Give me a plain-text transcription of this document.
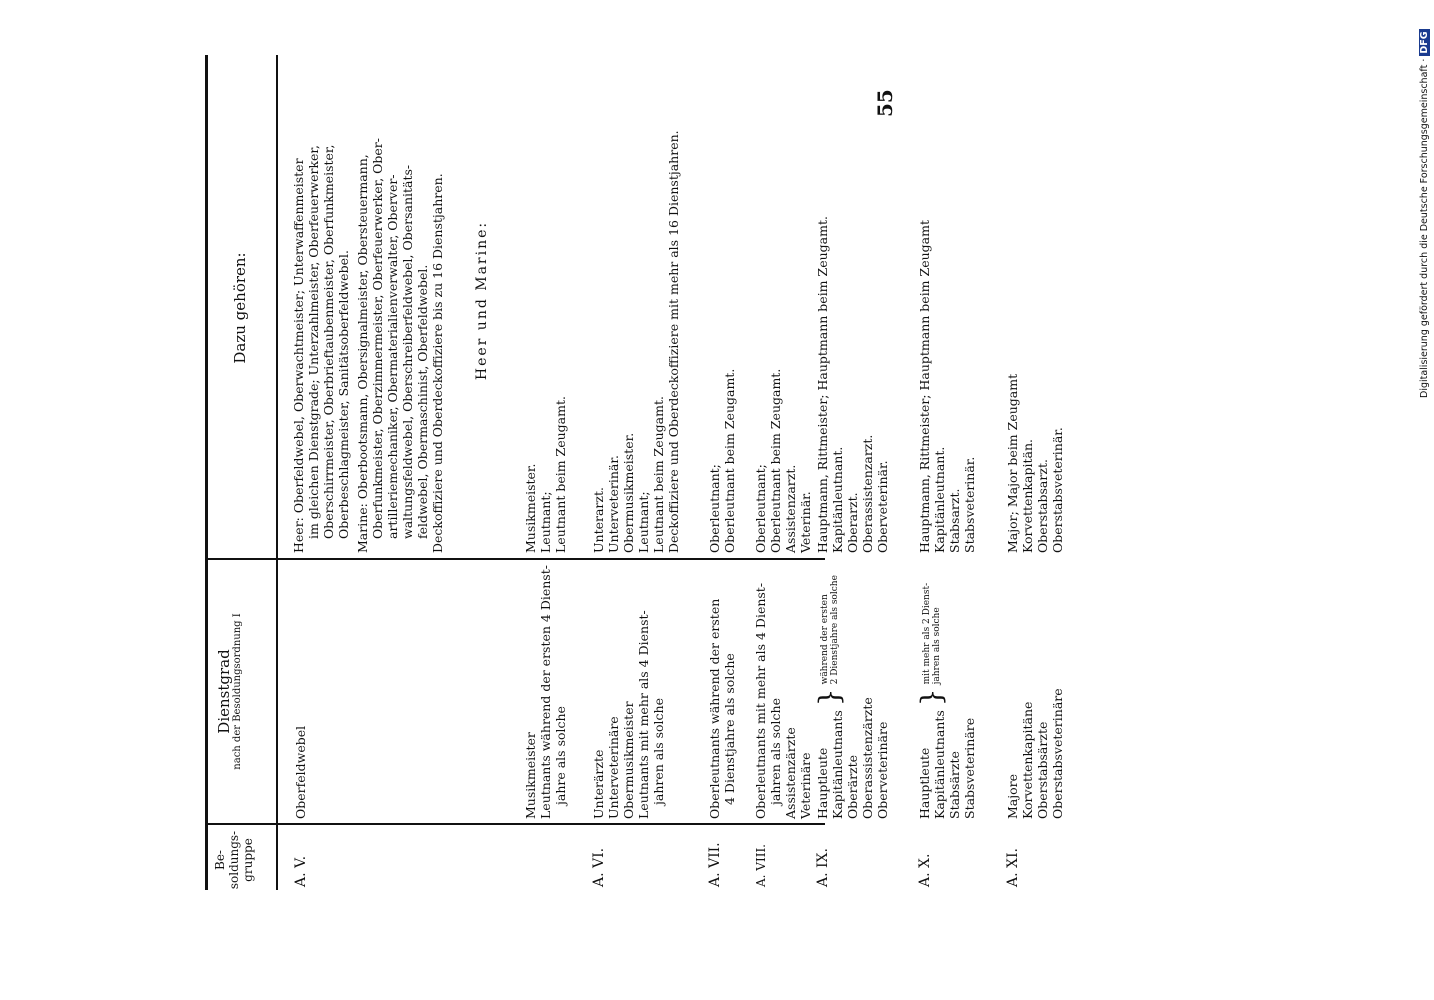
55
Be- soldungs- gruppe
Dienstgrad nach der Besoldungsordnung I
Dazu gehören:
A. V.
Oberfeldwebel
Heer: Oberfeldwebel, Oberwachtmeister; Unterwaffenmeister im gleichen Dienstgrade; Unterzahlmeister, Oberfeuerwerker, Oberschirrmeister, Oberbrieftaubenmeister, Oberfunkmeister, Oberbeschlagmeister, Sanitätsoberfeldwebel. Marine: Oberbootsmann, Obersignalmeister, Obersteuermann, Oberfunkmeister, Oberzimmermeister, Oberfeuerwerker, Ober- artilleriemechaniker, Obermaterialienverwalter, Oberver- waltungsfeldwebel, Oberschreiberfeldwebel, Obersanitäts- feldwebel, Obermaschinist, Oberfeldwebel. Deckoffiziere und Oberdeckoffiziere bis zu 16 Dienstjahren. Heer und Marine:
Musikmeister Leutnants während der ersten 4 Dienst- jahre als solche
Musikmeister. Leutnant; Leutnant beim Zeugamt.
A. VI.
Unterärzte Unterveterinäre Obermusikmeister Leutnants mit mehr als 4 Dienst- jahren als solche
Unterarzt. Unterveterinär. Obermusikmeister. Leutnant; Leutnant beim Zeugamt. Deckoffiziere und Oberdeckoffiziere mit mehr als 16 Dienstjahren.
A. VII.
Oberleutnants während der ersten 4 Dienstjahre als solche
Oberleutnant; Oberleutnant beim Zeugamt.
A. VIII.
Oberleutnants mit mehr als 4 Dienst- jahren als solche Assistenzärzte Veterinäre
Oberleutnant; Oberleutnant beim Zeugamt. Assistenzarzt. Veterinär.
A. IX.
Hauptleute Kapitänleutnants
}
während der ersten 2 Dienstjahre als solche
Oberärzte Oberassistenzärzte Oberveterinäre
Hauptmann, Rittmeister; Hauptmann beim Zeugamt. Kapitänleutnant. Oberarzt. Oberassistenzarzt. Oberveterinär.
A. X.
Hauptleute Kapitänleutnants
}
mit mehr als 2 Dienst- jahren als solche
Stabsärzte Stabsveterinäre
Hauptmann, Rittmeister; Hauptmann beim Zeugamt Kapitänleutnant. Stabsarzt. Stabsveterinär.
A. XI.
Majore Korvettenkapitäne Oberstabsärzte Oberstabsveterinäre
Major; Major beim Zeugamt Korvettenkapitän. Oberstabsarzt. Oberstabsveterinär.
Digitalisierung gefördert durch die Deutsche Forschungsgemeinschaft · DFG
